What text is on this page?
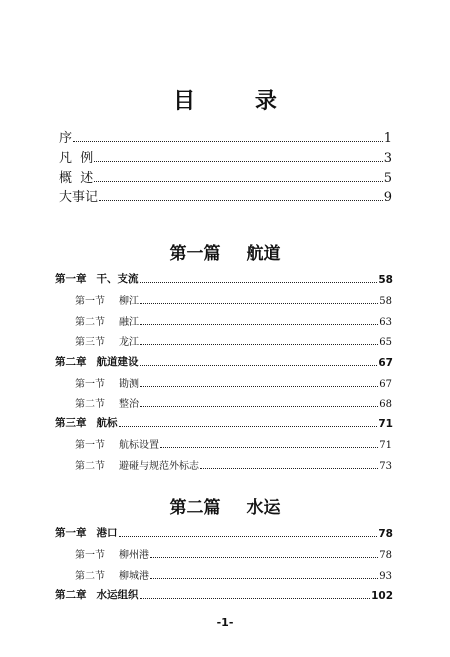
目 录
序	1
凡  例	3
概  述	5
大事记	9
第一篇 航道
第一章 干、支流	58
第一节 柳江	58
第二节 融江	63
第三节 龙江	65
第二章 航道建设	67
第一节 勘测	67
第二节 整治	68
第三章 航标	71
第一节 航标设置	71
第二节 避碰与规范外标志	73
第二篇 水运
第一章 港口	78
第一节 柳州港	78
第二节 柳城港	93
第二章 水运组织	102
-1-
